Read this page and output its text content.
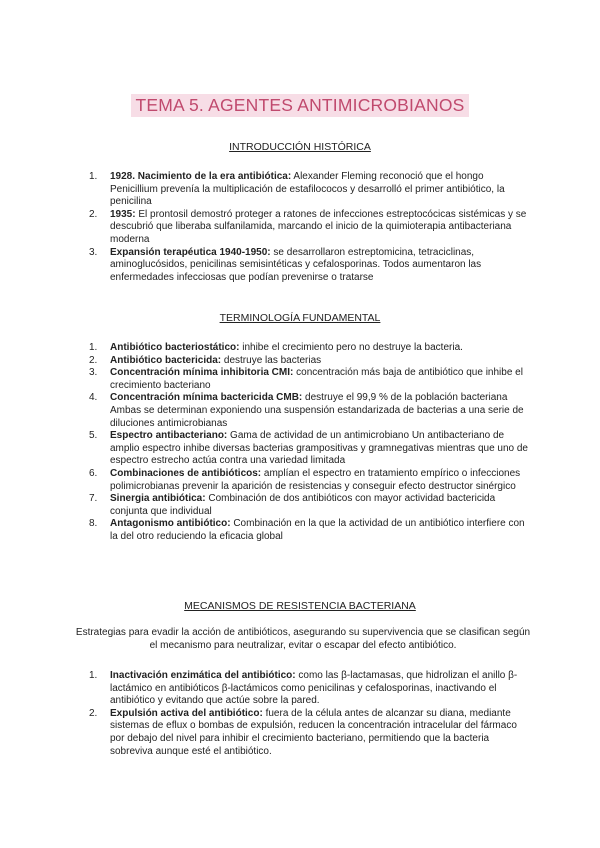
TEMA 5. AGENTES ANTIMICROBIANOS
INTRODUCCIÓN HISTÓRICA
1. 1928. Nacimiento de la era antibiótica: Alexander Fleming reconoció que el hongo Penicillium prevenía la multiplicación de estafilococos y desarrolló el primer antibiótico, la penicilina
2. 1935: El prontosil demostró proteger a ratones de infecciones estreptocócicas sistémicas y se descubrió que liberaba sulfanilamida, marcando el inicio de la quimioterapia antibacteriana moderna
3. Expansión terapéutica 1940-1950: se desarrollaron estreptomicina, tetraciclinas, aminoglucósidos, penicilinas semisintéticas y cefalosporinas. Todos aumentaron las enfermedades infecciosas que podían prevenirse o tratarse
TERMINOLOGÍA FUNDAMENTAL
1. Antibiótico bacteriostático: inhibe el crecimiento pero no destruye la bacteria.
2. Antibiótico bactericida: destruye las bacterias
3. Concentración mínima inhibitoria CMI: concentración más baja de antibiótico que inhibe el crecimiento bacteriano
4. Concentración mínima bactericida CMB: destruye el 99,9 % de la población bacteriana Ambas se determinan exponiendo una suspensión estandarizada de bacterias a una serie de diluciones antimicrobianas
5. Espectro antibacteriano: Gama de actividad de un antimicrobiano Un antibacteriano de amplio espectro inhibe diversas bacterias grampositivas y gramnegativas mientras que uno de espectro estrecho actúa contra una variedad limitada
6. Combinaciones de antibióticos: amplían el espectro en tratamiento empírico o infecciones polimicrobianas prevenir la aparición de resistencias y conseguir efecto destructor sinérgico
7. Sinergia antibiótica: Combinación de dos antibióticos con mayor actividad bactericida conjunta que individual
8. Antagonismo antibiótico: Combinación en la que la actividad de un antibiótico interfiere con la del otro reduciendo la eficacia global
MECANISMOS DE RESISTENCIA BACTERIANA
Estrategias para evadir la acción de antibióticos, asegurando su supervivencia que se clasifican según el mecanismo para neutralizar, evitar o escapar del efecto antibiótico.
1. Inactivación enzimática del antibiótico: como las β-lactamasas, que hidrolizan el anillo β-lactámico en antibióticos β-lactámicos como penicilinas y cefalosporinas, inactivando el antibiótico y evitando que actúe sobre la pared.
2. Expulsión activa del antibiótico: fuera de la célula antes de alcanzar su diana, mediante sistemas de eflux o bombas de expulsión, reducen la concentración intracelular del fármaco por debajo del nivel para inhibir el crecimiento bacteriano, permitiendo que la bacteria sobreviva aunque esté el antibiótico.
